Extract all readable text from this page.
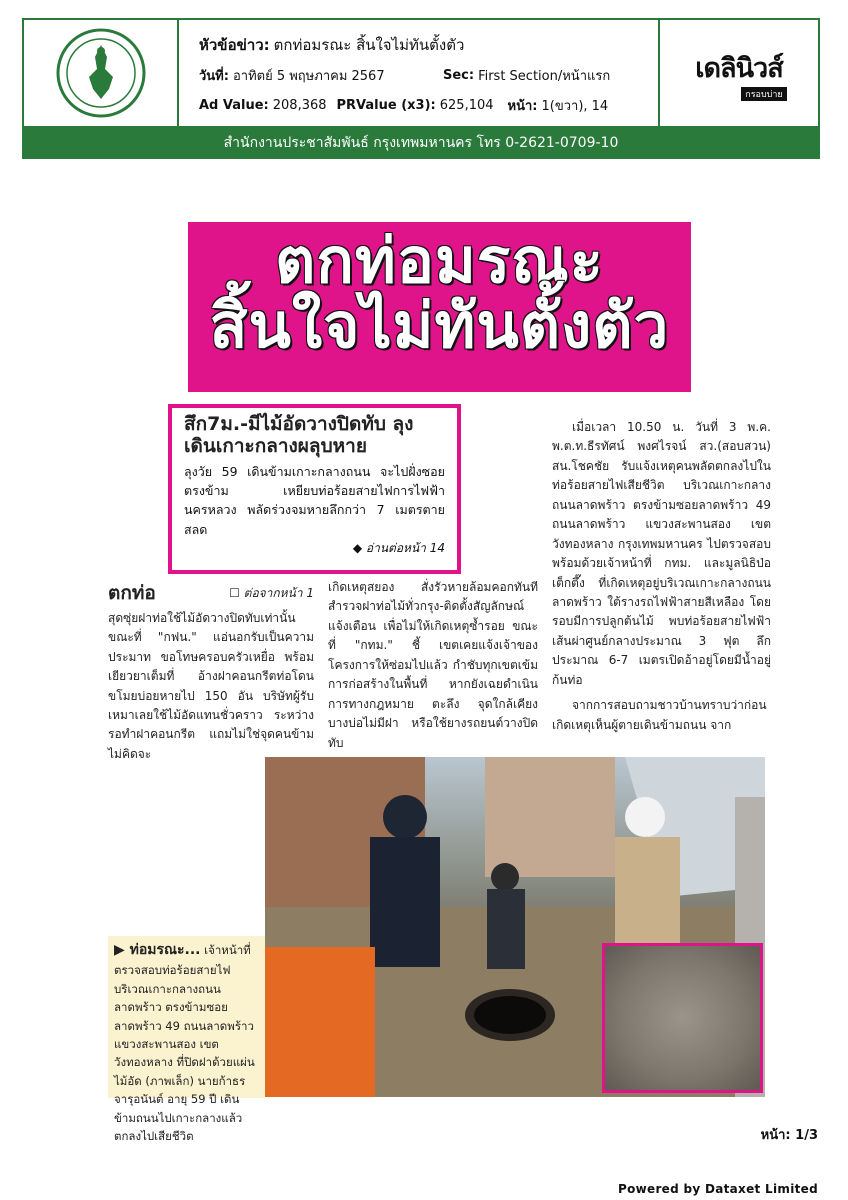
หัวข้อข่าว: ตกท่อมรณะ สิ้นใจไม่ทันตั้งตัว
วันที่: อาทิตย์ 5 พฤษภาคม 2567	Sec: First Section/หน้าแรก
Ad Value: 208,368 PRValue (x3): 625,104 หน้า: 1(ขวา), 14
เดลินิวส์
กรอบบ่าย
สำนักงานประชาสัมพันธ์ กรุงเทพมหานคร โทร 0-2621-0709-10
ตกท่อมรณะ
สิ้นใจไม่ทันตั้งตัว
สึก7ม.-มีไม้อัดวางปิดทับ ลุงเดินเกาะกลางผลุบหาย

ลุงวัย 59 เดินข้ามเกาะกลางถนน จะไปฝั่งซอยตรงข้าม เหยียบท่อร้อยสายไฟการไฟฟ้านครหลวง พลัดร่วงจมหายลึกกว่า 7 เมตรตายสลด

◆ อ่านต่อหน้า 14
ตกท่อ	☐ ต่อจากหน้า 1
สุดซุ่ยฝาท่อใช้ไม้อัดวางปิดทับเท่านั้น ขณะที่ "กฟน." แอ่นอกรับเป็นความประมาท ขอโทษครอบครัวเหยื่อ พร้อมเยียวยาเต็มที่ อ้างฝาคอนกรีตท่อโดนขโมยบ่อยหายไป 150 อัน บริษัทผู้รับเหมาเลยใช้ไม้อัดแทนชั่วคราว ระหว่างรอทำฝาคอนกรีต แถมไม่ใช่จุดคนข้าม ไม่คิดจะ
เกิดเหตุสยอง สั่งรัวหายล้อมคอกทันที สำรวจฝาท่อไม้ทั่วกรุง-ติดตั้งสัญลักษณ์แจ้งเตือน เพื่อไม่ให้เกิดเหตุซ้ำรอย ขณะที่ "กทม." ชี้ เขตเคยแจ้งเจ้าของโครงการให้ซ่อมไปแล้ว กำชับทุกเขตเข้มการก่อสร้างในพื้นที่ หากยังเฉยดำเนินการทางกฎหมาย ตะลึง จุดใกล้เคียงบางบ่อไม่มีฝา หรือใช้ยางรถยนต์วางปิดทับ
เมื่อเวลา 10.50 น. วันที่ 3 พ.ค. พ.ต.ท.ธีรทัศน์ พงศไรจน์ สว.(สอบสวน) สน.โชคชัย รับแจ้งเหตุคนพลัดตกลงไปในท่อร้อยสายไฟเสียชีวิต บริเวณเกาะกลางถนนลาดพร้าว ตรงข้ามซอยลาดพร้าว 49 ถนนลาดพร้าว แขวงสะพานสอง เขตวังทองหลาง กรุงเทพมหานคร ไปตรวจสอบพร้อมด้วยเจ้าหน้าที่ กทม. และมูลนิธิป่อเต็กตึ๊ง ที่เกิดเหตุอยู่บริเวณเกาะกลางถนนลาดพร้าว ใต้รางรถไฟฟ้าสายสีเหลือง โดยรอบมีการปลูกต้นไม้ พบท่อร้อยสายไฟฟ้าเส้นผ่าศูนย์กลางประมาณ 3 ฟุต ลึกประมาณ 6-7 เมตรเปิดอ้าอยู่โดยมีน้ำอยู่ก้นท่อ
จากการสอบถามชาวบ้านทราบว่าก่อนเกิดเหตุเห็นผู้ตายเดินข้ามถนน จาก
▶ ท่อมรณะ... เจ้าหน้าที่ตรวจสอบท่อร้อยสายไฟบริเวณเกาะกลางถนนลาดพร้าว ตรงข้ามซอยลาดพร้าว 49 ถนนลาดพร้าว แขวงสะพานสอง เขตวังทองหลาง ที่ปิดฝาด้วยแผ่นไม้อัด (ภาพเล็ก) นายก้าธร จารุอนันต์ อายุ 59 ปี เดินข้ามถนนไปเกาะกลางแล้วตกลงไปเสียชีวิต	หน้า: 1/3
Powered by Dataxet Limited
